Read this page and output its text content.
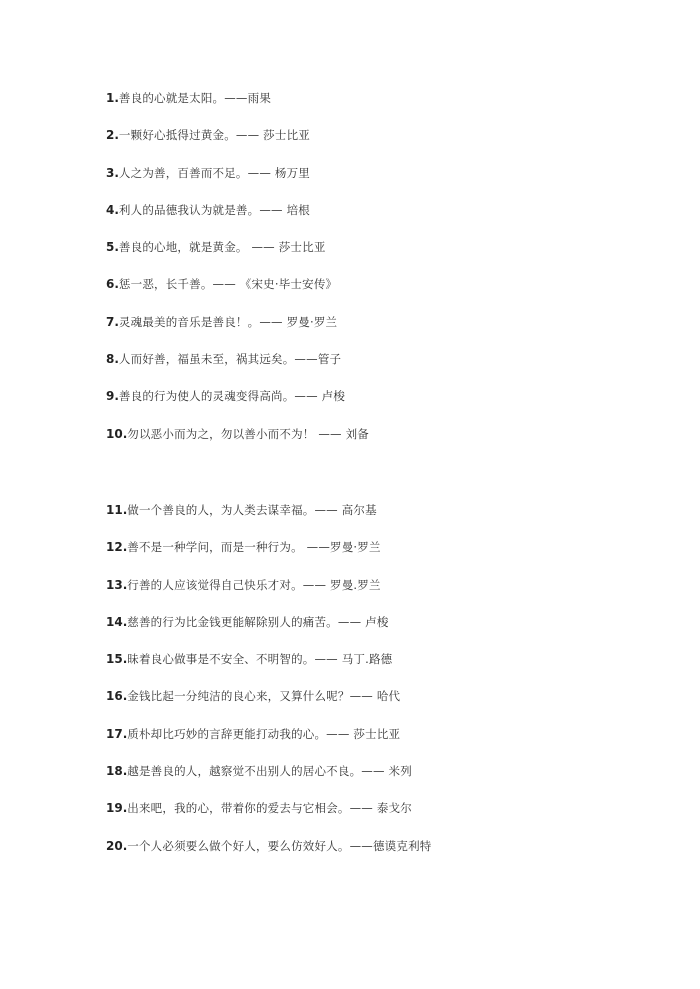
1.善良的心就是太阳。——雨果
2.一颗好心抵得过黄金。—— 莎士比亚
3.人之为善，百善而不足。—— 杨万里
4.利人的品德我认为就是善。—— 培根
5.善良的心地，就是黄金。 —— 莎士比亚
6.惩一恶，长千善。—— 《宋史·毕士安传》
7.灵魂最美的音乐是善良！。—— 罗曼·罗兰
8.人而好善，福虽未至，祸其远矣。——管子
9.善良的行为使人的灵魂变得高尚。—— 卢梭
10.勿以恶小而为之，勿以善小而不为！ —— 刘备
11.做一个善良的人，为人类去谋幸福。—— 高尔基
12.善不是一种学问，而是一种行为。 ——罗曼·罗兰
13.行善的人应该觉得自己快乐才对。—— 罗曼.罗兰
14.慈善的行为比金钱更能解除别人的痛苦。—— 卢梭
15.昧着良心做事是不安全、不明智的。—— 马丁.路德
16.金钱比起一分纯洁的良心来，又算什么呢？—— 哈代
17.质朴却比巧妙的言辞更能打动我的心。—— 莎士比亚
18.越是善良的人，越察觉不出别人的居心不良。—— 米列
19.出来吧，我的心，带着你的爱去与它相会。—— 泰戈尔
20.一个人必须要么做个好人，要么仿效好人。——德谟克利特
